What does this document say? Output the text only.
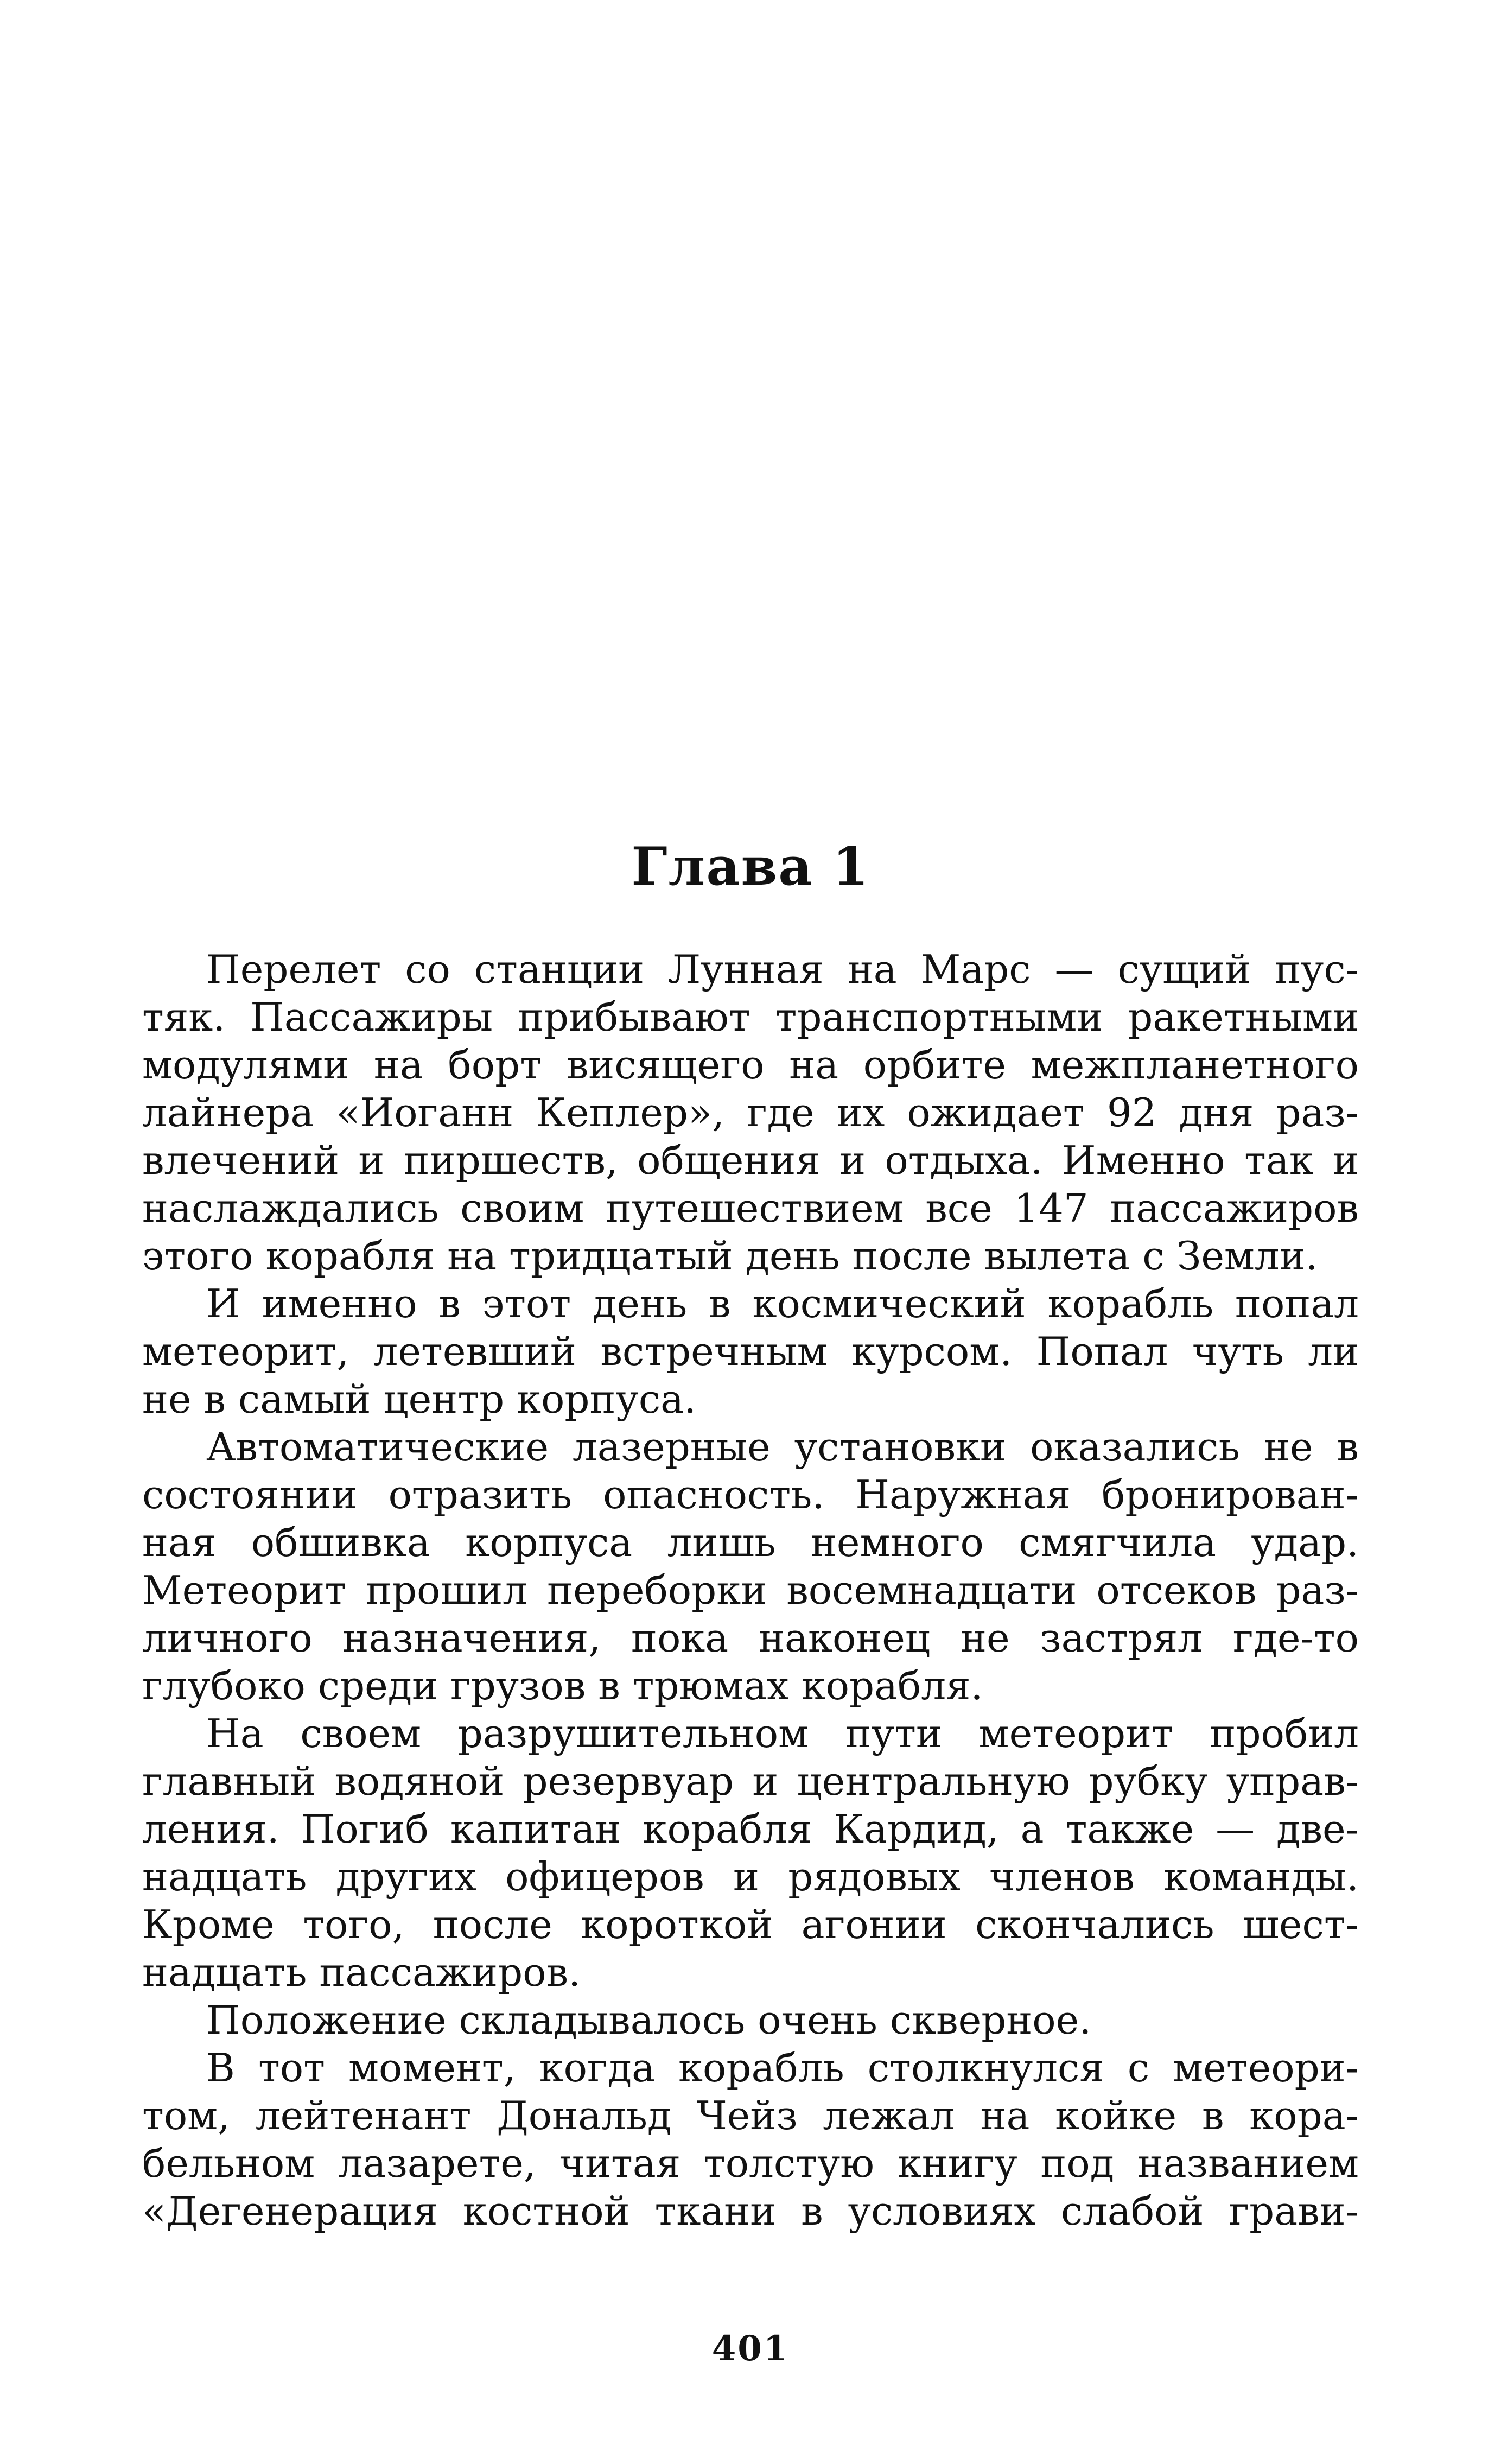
Глава 1
Перелет со станции Лунная на Марс — сущий пус-
тяк. Пассажиры прибывают транспортными ракетными
модулями на борт висящего на орбите межпланетного
лайнера «Иоганн Кеплер», где их ожидает 92 дня раз-
влечений и пиршеств, общения и отдыха. Именно так и
наслаждались своим путешествием все 147 пассажиров
этого корабля на тридцатый день после вылета с Земли.
И именно в этот день в космический корабль попал
метеорит, летевший встречным курсом. Попал чуть ли
не в самый центр корпуса.
Автоматические лазерные установки оказались не в
состоянии отразить опасность. Наружная бронирован-
ная обшивка корпуса лишь немного смягчила удар.
Метеорит прошил переборки восемнадцати отсеков раз-
личного назначения, пока наконец не застрял где-то
глубоко среди грузов в трюмах корабля.
На своем разрушительном пути метеорит пробил
главный водяной резервуар и центральную рубку управ-
ления. Погиб капитан корабля Кардид, а также — две-
надцать других офицеров и рядовых членов команды.
Кроме того, после короткой агонии скончались шест-
надцать пассажиров.
Положение складывалось очень скверное.
В тот момент, когда корабль столкнулся с метеори-
том, лейтенант Дональд Чейз лежал на койке в кора-
бельном лазарете, читая толстую книгу под названием
«Дегенерация костной ткани в условиях слабой грави-
401
